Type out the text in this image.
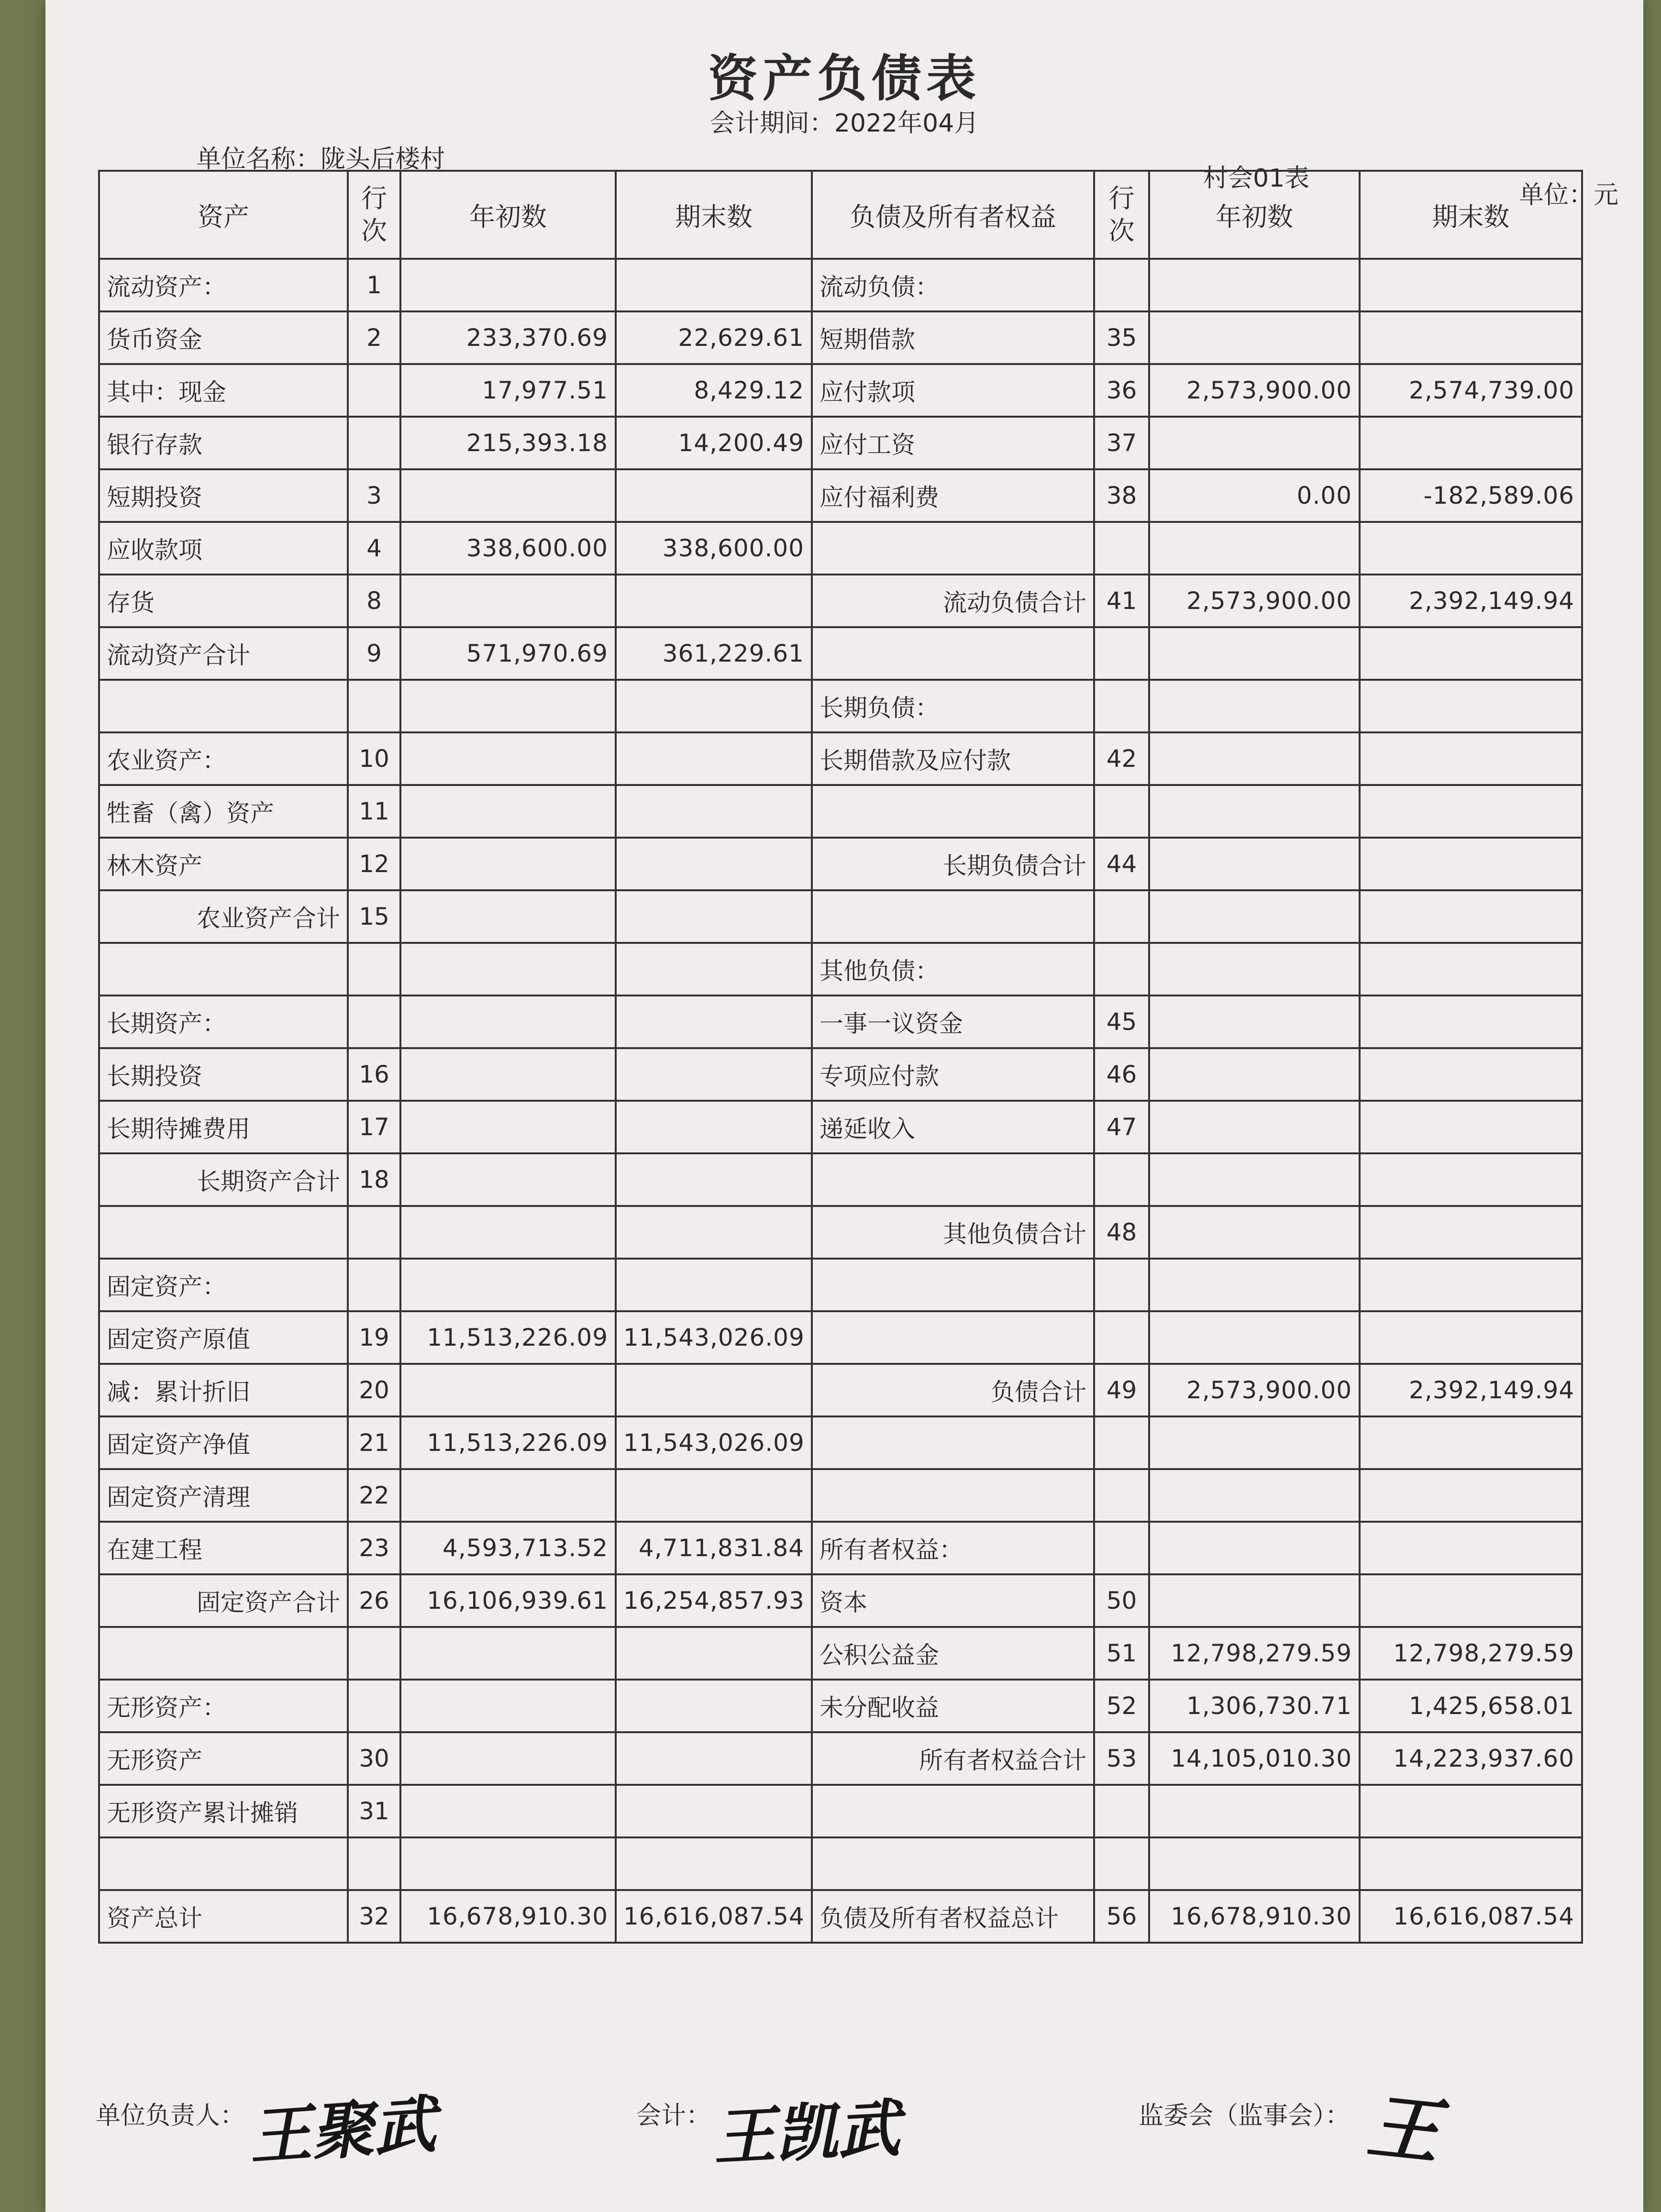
资产负债表
会计期间：2022年04月
单位名称：陇头后楼村
村会01表
单位：元
资产	行次	年初数	期末数	负债及所有者权益	行次	年初数	期末数
流动资产：	1			流动负债：			
货币资金	2	233,370.69	22,629.61	短期借款	35		
其中：现金		17,977.51	8,429.12	应付款项	36	2,573,900.00	2,574,739.00
银行存款		215,393.18	14,200.49	应付工资	37		
短期投资	3			应付福利费	38	0.00	-182,589.06
应收款项	4	338,600.00	338,600.00				
存货	8			流动负债合计	41	2,573,900.00	2,392,149.94
流动资产合计	9	571,970.69	361,229.61				
				长期负债：			
农业资产：	10			长期借款及应付款	42		
牲畜（禽）资产	11						
林木资产	12			长期负债合计	44		
农业资产合计	15						
				其他负债：			
长期资产：				一事一议资金	45		
长期投资	16			专项应付款	46		
长期待摊费用	17			递延收入	47		
长期资产合计	18						
				其他负债合计	48		
固定资产：							
固定资产原值	19	11,513,226.09	11,543,026.09				
减：累计折旧	20			负债合计	49	2,573,900.00	2,392,149.94
固定资产净值	21	11,513,226.09	11,543,026.09				
固定资产清理	22						
在建工程	23	4,593,713.52	4,711,831.84	所有者权益：			
固定资产合计	26	16,106,939.61	16,254,857.93	资本	50		
				公积公益金	51	12,798,279.59	12,798,279.59
无形资产：				未分配收益	52	1,306,730.71	1,425,658.01
无形资产	30			所有者权益合计	53	14,105,010.30	14,223,937.60
无形资产累计摊销	31						

资产总计	32	16,678,910.30	16,616,087.54	负债及所有者权益总计	56	16,678,910.30	16,616,087.54
单位负责人： 王聚武	会计： 王凯武	监委会（监事会）： 王
